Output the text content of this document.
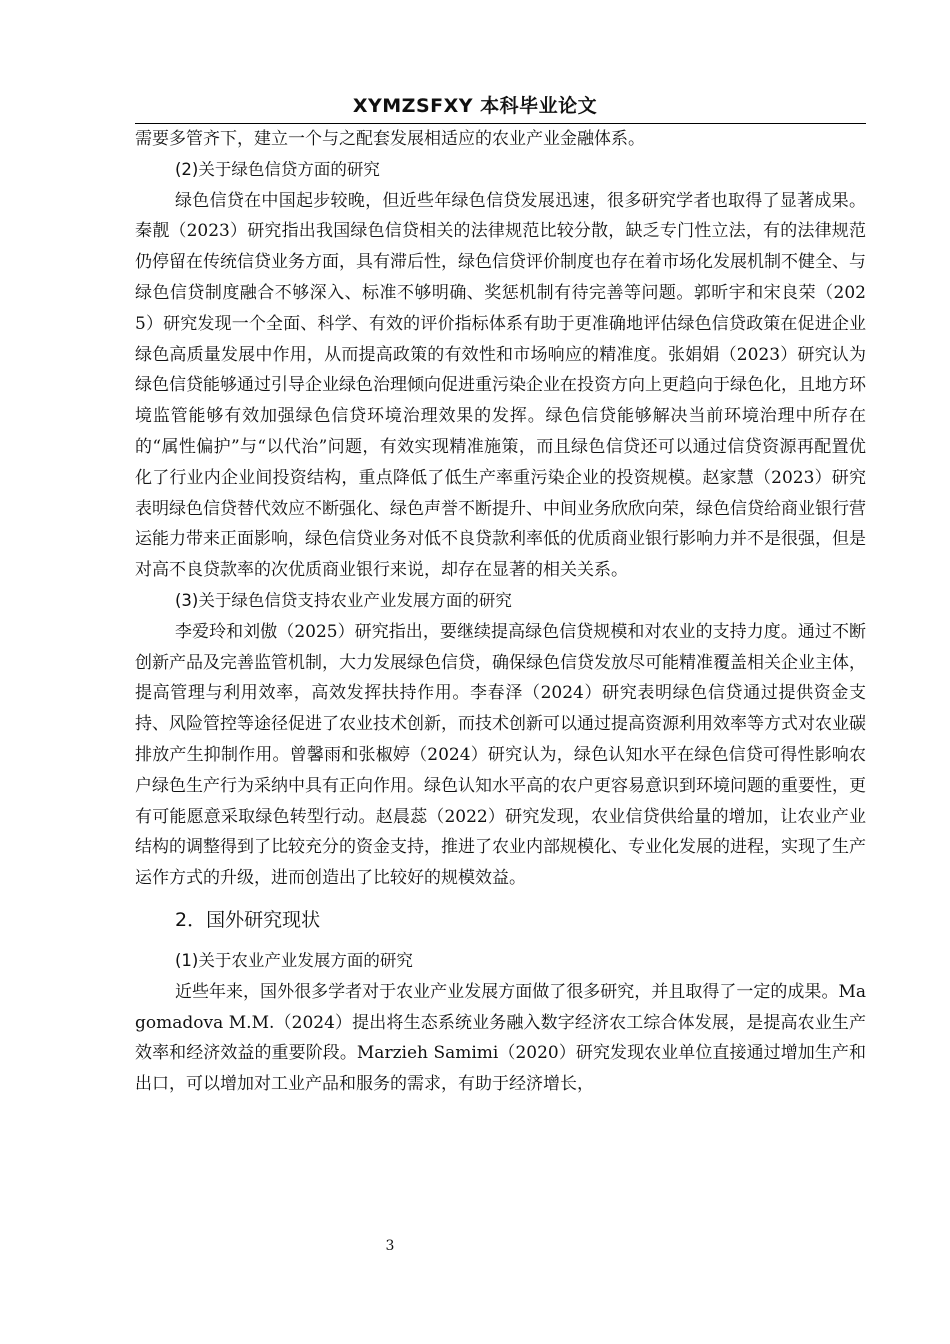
XYMZSFXY 本科毕业论文

需要多管齐下，建立一个与之配套发展相适应的农业产业金融体系。

(2)关于绿色信贷方面的研究

绿色信贷在中国起步较晚，但近些年绿色信贷发展迅速，很多研究学者也取得了显著成果。秦靓（2023）研究指出我国绿色信贷相关的法律规范比较分散，缺乏专门性立法，有的法律规范仍停留在传统信贷业务方面，具有滞后性，绿色信贷评价制度也存在着市场化发展机制不健全、与绿色信贷制度融合不够深入、标准不够明确、奖惩机制有待完善等问题。郭昕宇和宋良荣（2025）研究发现一个全面、科学、有效的评价指标体系有助于更准确地评估绿色信贷政策在促进企业绿色高质量发展中作用，从而提高政策的有效性和市场响应的精准度。张娟娟（2023）研究认为绿色信贷能够通过引导企业绿色治理倾向促进重污染企业在投资方向上更趋向于绿色化，且地方环境监管能够有效加强绿色信贷环境治理效果的发挥。绿色信贷能够解决当前环境治理中所存在的“属性偏护”与“以代治”问题，有效实现精准施策，而且绿色信贷还可以通过信贷资源再配置优化了行业内企业间投资结构，重点降低了低生产率重污染企业的投资规模。赵家慧（2023）研究表明绿色信贷替代效应不断强化、绿色声誉不断提升、中间业务欣欣向荣，绿色信贷给商业银行营运能力带来正面影响，绿色信贷业务对低不良贷款利率低的优质商业银行影响力并不是很强，但是对高不良贷款率的次优质商业银行来说，却存在显著的相关关系。

(3)关于绿色信贷支持农业产业发展方面的研究

李爱玲和刘傲（2025）研究指出，要继续提高绿色信贷规模和对农业的支持力度。通过不断创新产品及完善监管机制，大力发展绿色信贷，确保绿色信贷发放尽可能精准覆盖相关企业主体，提高管理与利用效率，高效发挥扶持作用。李春泽（2024）研究表明绿色信贷通过提供资金支持、风险管控等途径促进了农业技术创新，而技术创新可以通过提高资源利用效率等方式对农业碳排放产生抑制作用。曾馨雨和张椒婷（2024）研究认为，绿色认知水平在绿色信贷可得性影响农户绿色生产行为采纳中具有正向作用。绿色认知水平高的农户更容易意识到环境问题的重要性，更有可能愿意采取绿色转型行动。赵晨蕊（2022）研究发现，农业信贷供给量的增加，让农业产业结构的调整得到了比较充分的资金支持，推进了农业内部规模化、专业化发展的进程，实现了生产运作方式的升级，进而创造出了比较好的规模效益。

2．国外研究现状

(1)关于农业产业发展方面的研究

近些年来，国外很多学者对于农业产业发展方面做了很多研究，并且取得了一定的成果。Magomadova M.M.（2024）提出将生态系统业务融入数字经济农工综合体发展，是提高农业生产效率和经济效益的重要阶段。Marzieh Samimi（2020）研究发现农业单位直接通过增加生产和出口，可以增加对工业产品和服务的需求，有助于经济增长，

3
